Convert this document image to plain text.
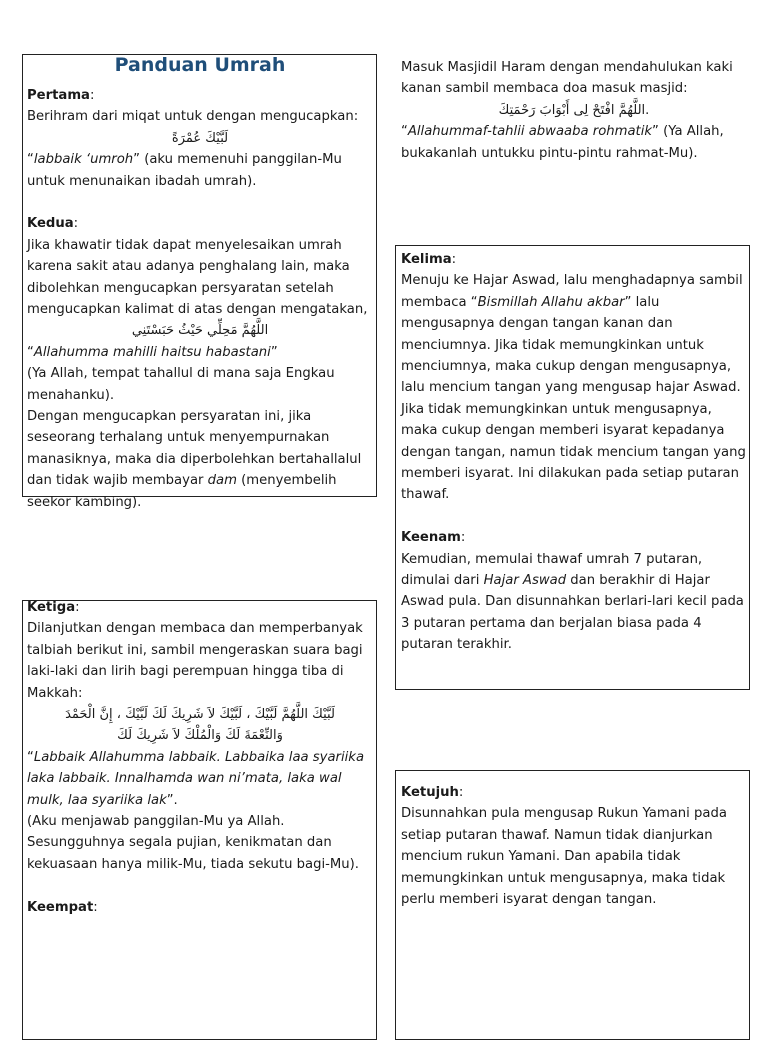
Panduan Umrah

Pertama:

Berihram dari miqat untuk dengan mengucapkan:

لَبَّيْكَ عُمْرَةً

“labbaik ‘umroh” (aku memenuhi panggilan-Mu untuk menunaikan ibadah umrah).

Kedua:

Jika khawatir tidak dapat menyelesaikan umrah karena sakit atau adanya penghalang lain, maka dibolehkan mengucapkan persyaratan setelah mengucapkan kalimat di atas dengan mengatakan,

اللَّهُمَّ مَحِلِّي حَيْثُ حَبَسْتَنِي

“Allahumma mahilli haitsu habastani”

(Ya Allah, tempat tahallul di mana saja Engkau menahanku).

Dengan mengucapkan persyaratan ini, jika seseorang terhalang untuk menyempurnakan manasiknya, maka dia diperbolehkan bertahallalul dan tidak wajib membayar dam (menyembelih seekor kambing).

Ketiga:

Dilanjutkan dengan membaca dan memperbanyak talbiah berikut ini, sambil mengeraskan suara bagi laki-laki dan lirih bagi perempuan hingga tiba di Makkah:

لَبَّيْكَ اللَّهُمَّ لَبَّيْكَ ، لَبَّيْكَ لاَ شَرِيكَ لَكَ لَبَّيْكَ ، إِنَّ الْحَمْدَ

وَالنِّعْمَةَ لَكَ وَالْمُلْكَ لاَ شَرِيكَ لَكَ

“Labbaik Allahumma labbaik. Labbaika laa syariika laka labbaik. Innalhamda wan ni’mata, laka wal mulk, laa syariika lak”.

(Aku menjawab panggilan-Mu ya Allah. Sesungguhnya segala pujian, kenikmatan dan kekuasaan hanya milik-Mu, tiada sekutu bagi-Mu).

Keempat:

Masuk Masjidil Haram dengan mendahulukan kaki kanan sambil membaca doa masuk masjid:

اللَّهُمَّ افْتَحْ لِى أَبْوَابَ رَحْمَتِكَ.

“Allahummaf-tahlii abwaaba rohmatik” (Ya Allah, bukakanlah untukku pintu-pintu rahmat-Mu).

Kelima:

Menuju ke Hajar Aswad, lalu menghadapnya sambil membaca “Bismillah Allahu akbar” lalu mengusapnya dengan tangan kanan dan menciumnya. Jika tidak memungkinkan untuk menciumnya, maka cukup dengan mengusapnya, lalu mencium tangan yang mengusap hajar Aswad. Jika tidak memungkinkan untuk mengusapnya, maka cukup dengan memberi isyarat kepadanya dengan tangan, namun tidak mencium tangan yang memberi isyarat. Ini dilakukan pada setiap putaran thawaf.

Keenam:

Kemudian, memulai thawaf umrah 7 putaran, dimulai dari Hajar Aswad dan berakhir di Hajar Aswad pula. Dan disunnahkan berlari-lari kecil pada 3 putaran pertama dan berjalan biasa pada 4 putaran terakhir.

Ketujuh:

Disunnahkan pula mengusap Rukun Yamani pada setiap putaran thawaf. Namun tidak dianjurkan mencium rukun Yamani. Dan apabila tidak memungkinkan untuk mengusapnya, maka tidak perlu memberi isyarat dengan tangan.
